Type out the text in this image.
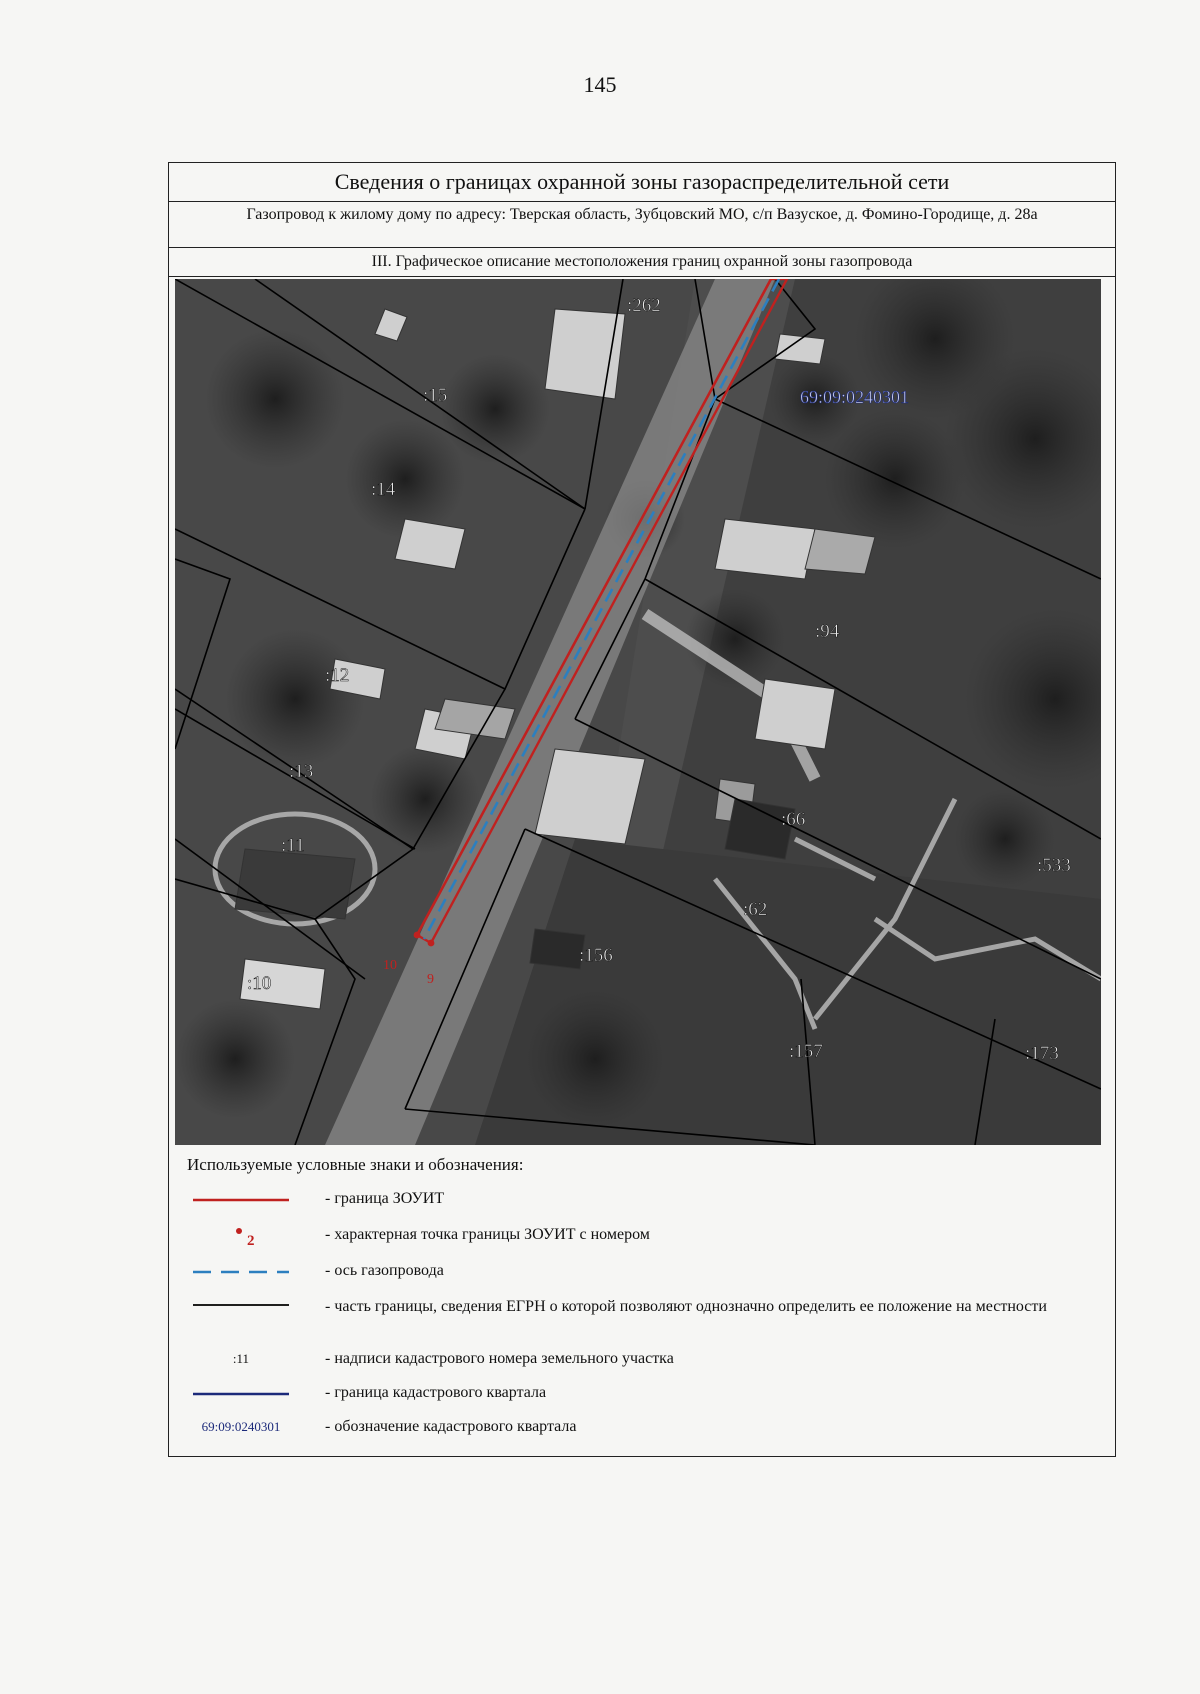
145
Сведения о границах охранной зоны газораспределительной сети
Газопровод к жилому дому по адресу: Тверская область, Зубцовский МО, с/п Вазуское, д. Фомино-Городище, д. 28а
III. Графическое описание местоположения границ охранной зоны газопровода
10
9
69:09:0240301
:262
:15
:14
:94
:12
:13
:66
:11
:533
:62
:156
:10
:157	:173
Используемые условные знаки и обозначения:
- граница ЗОУИТ
2	- характерная точка границы ЗОУИТ с номером
- ось газопровода
- часть границы, сведения ЕГРН о которой позволяют однозначно определить ее положение на местности
:11	- надписи кадастрового номера земельного участка
- граница кадастрового квартала
69:09:0240301	- обозначение кадастрового квартала
